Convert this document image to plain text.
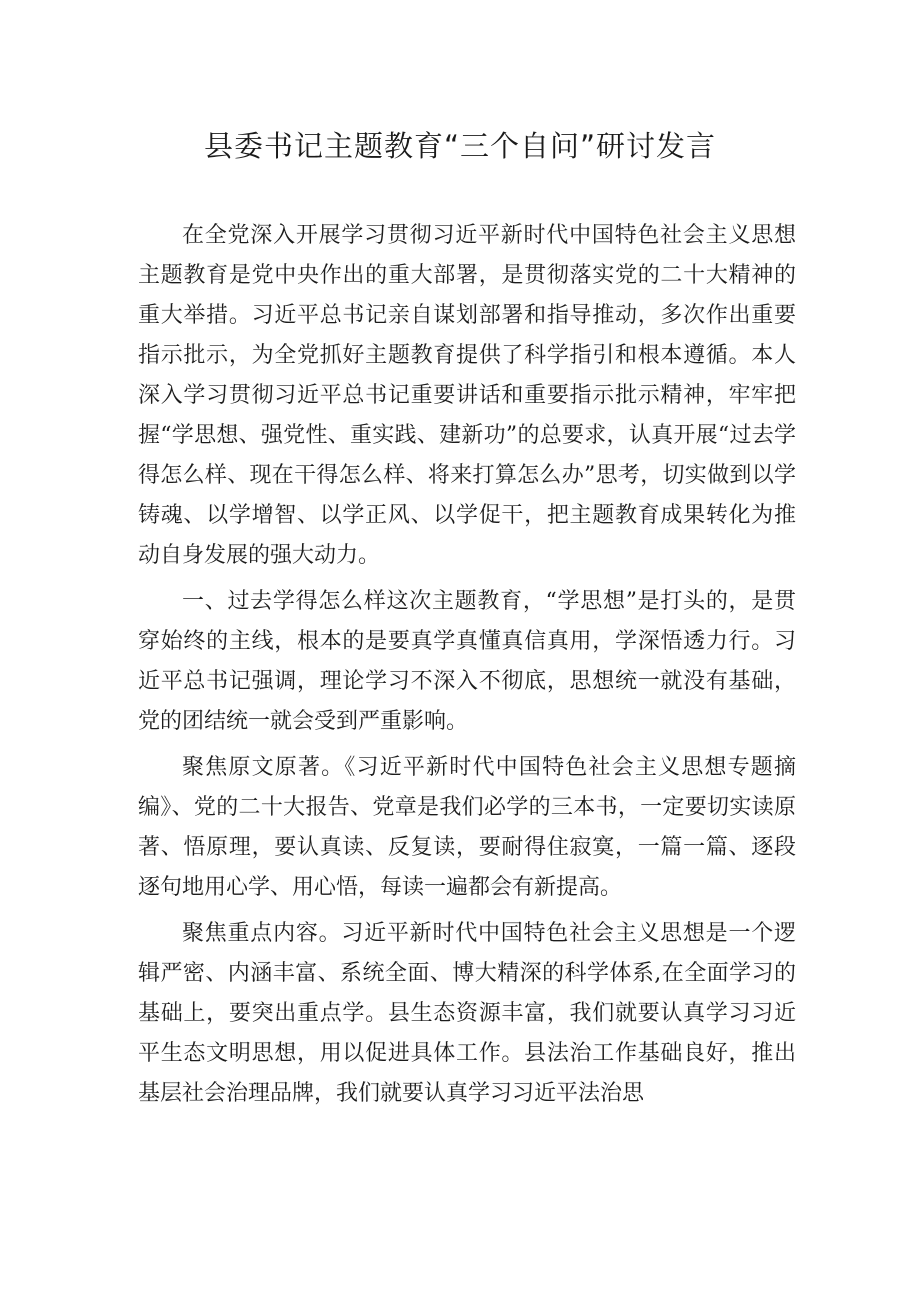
县委书记主题教育“三个自问”研讨发言

在全党深入开展学习贯彻习近平新时代中国特色社会主义思想主题教育是党中央作出的重大部署，是贯彻落实党的二十大精神的重大举措。习近平总书记亲自谋划部署和指导推动，多次作出重要指示批示，为全党抓好主题教育提供了科学指引和根本遵循。本人深入学习贯彻习近平总书记重要讲话和重要指示批示精神，牢牢把握“学思想、强党性、重实践、建新功”的总要求，认真开展“过去学得怎么样、现在干得怎么样、将来打算怎么办”思考，切实做到以学铸魂、以学增智、以学正风、以学促干，把主题教育成果转化为推动自身发展的强大动力。

一、过去学得怎么样这次主题教育，“学思想”是打头的，是贯穿始终的主线，根本的是要真学真懂真信真用，学深悟透力行。习近平总书记强调，理论学习不深入不彻底，思想统一就没有基础，党的团结统一就会受到严重影响。

聚焦原文原著。《习近平新时代中国特色社会主义思想专题摘编》、党的二十大报告、党章是我们必学的三本书，一定要切实读原著、悟原理，要认真读、反复读，要耐得住寂寞，一篇一篇、逐段逐句地用心学、用心悟，每读一遍都会有新提高。

聚焦重点内容。习近平新时代中国特色社会主义思想是一个逻辑严密、内涵丰富、系统全面、博大精深的科学体系,在全面学习的基础上，要突出重点学。县生态资源丰富，我们就要认真学习习近平生态文明思想，用以促进具体工作。县法治工作基础良好，推出基层社会治理品牌，我们就要认真学习习近平法治思
